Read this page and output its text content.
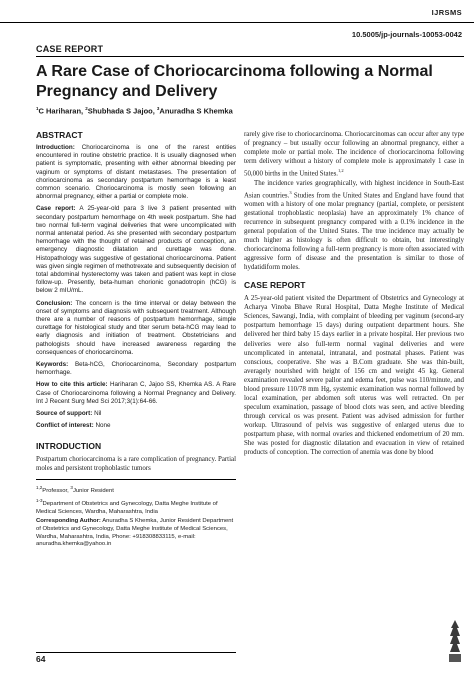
IJRSMS
10.5005/jp-journals-10053-0042
CASE REPORT
A Rare Case of Choriocarcinoma following a Normal Pregnancy and Delivery
$^1$C Hariharan, $^2$Shubhada S Jajoo, $^3$Anuradha S Khemka
ABSTRACT

Introduction: Choriocarcinoma is one of the rarest entities encountered in routine obstetric practice. It is usually diagnosed when patient is symptomatic, presenting with either abnormal bleeding per vaginum or symptoms of distant metastases. The presentation of choriocarcinoma as secondary postpartum hemorrhage is a least common scenario. Choriocarcinoma is mostly seen following an abnormal pregnancy, either a partial or complete mole.

Case report: A 25-year-old para 3 live 3 patient presented with secondary postpartum hemorrhage on 4th week postpartum. She had two normal full-term vaginal deliveries that were uncomplicated with normal antenatal period. As she presented with secondary postpartum hemorrhage with the thought of retained products of conception, an emergency diagnostic dilatation and curettage was done. Histopathology was suggestive of gestational choriocarcinoma. Patient was given single regimen of methotrexate and subsequently decision of total abdominal hysterectomy was taken and patient was kept in close follow-up. Presently, beta-human chorionic gonadotropin (hCG) is below 2 mIU/mL.

Conclusion: The concern is the time interval or delay between the onset of symptoms and diagnosis with subsequent treatment. Although there are a number of reasons of postpartum hemorrhage, simple curettage for histological study and titer serum beta-hCG may lead to early diagnosis and initiation of treatment. Obstetricians and pathologists should have increased awareness regarding the consequences of choriocarcinoma.

Keywords: Beta-hCG, Choriocarcinoma, Secondary postpartum hemorrhage.

How to cite this article: Hariharan C, Jajoo SS, Khemka AS. A Rare Case of Choriocarcinoma following a Normal Pregnancy and Delivery. Int J Recent Surg Med Sci 2017;3(1):64-66.

Source of support: Nil

Conflict of interest: None

INTRODUCTION

Postpartum choriocarcinoma is a rare complication of pregnancy. Partial moles and persistent trophoblastic tumors

$^{1,2}$Professor, $^3$Junior Resident

$^{1-3}$Department of Obstetrics and Gynecology, Datta Meghe Institute of Medical Sciences, Wardha, Maharashtra, India

Corresponding Author: Anuradha S Khemka, Junior Resident Department of Obstetrics and Gynecology, Datta Meghe Institute of Medical Sciences, Wardha, Maharashtra, India, Phone: +918308833115, e-mail: anuradha.khemka@yahoo.in

rarely give rise to choriocarcinoma. Choriocarcinomas can occur after any type of pregnancy – but usually occur following an abnormal pregnancy, either a complete mole or partial mole. The incidence of choriocarcinoma following term delivery without a history of complete mole is approximately 1 case in 50,000 births in the United States.$^{1,2}$

The incidence varies geographically, with highest incidence in South-East Asian countries.$^3$ Studies from the United States and England have found that women with a history of one molar pregnancy (partial, complete, or persistent gestational trophoblastic neoplasia) have an approximately 1% chance of recurrence in subsequent pregnancy compared with a 0.1% incidence in the general population of the United States. The true incidence may actually be much higher as histology is often difficult to obtain, but interestingly choriocarcinoma following a full-term pregnancy is more often associated with aggressive form of disease and the presentation is similar to those of hydatidiform moles.

CASE REPORT

A 25-year-old patient visited the Department of Obstetrics and Gynecology at Acharya Vinoba Bhave Rural Hospital, Datta Meghe Institute of Medical Sciences, Sawangi, India, with complaint of bleeding per vaginum (second-ary postpartum hemorrhage 15 days) during outpatient department hours. She delivered her third baby 15 days earlier in a private hospital. Her previous two deliveries were also full-term normal vaginal deliveries and were uncomplicated in antenatal, intranatal, and postnatal phases. Patient was conscious, cooperative. She was a B.Com graduate. She was thin-built, averagely nourished with height of 156 cm and weight 45 kg. General examination revealed severe pallor and edema feet, pulse was 110/minute, and blood pressure 110/78 mm Hg, systemic examination was normal followed by local examination, per abdomen soft uterus was well retracted. On per speculum examination, passage of blood clots was seen, and active bleeding through cervical os was present. Patient was advised admission for further workup. Ultrasound of pelvis was suggestive of enlarged uterus due to postpartum phase, with normal ovaries and thickened endometrium of 20 mm. She was posted for diagnostic dilatation and evacuation in view of retained products of conception. The correction of anemia was done by blood

64
